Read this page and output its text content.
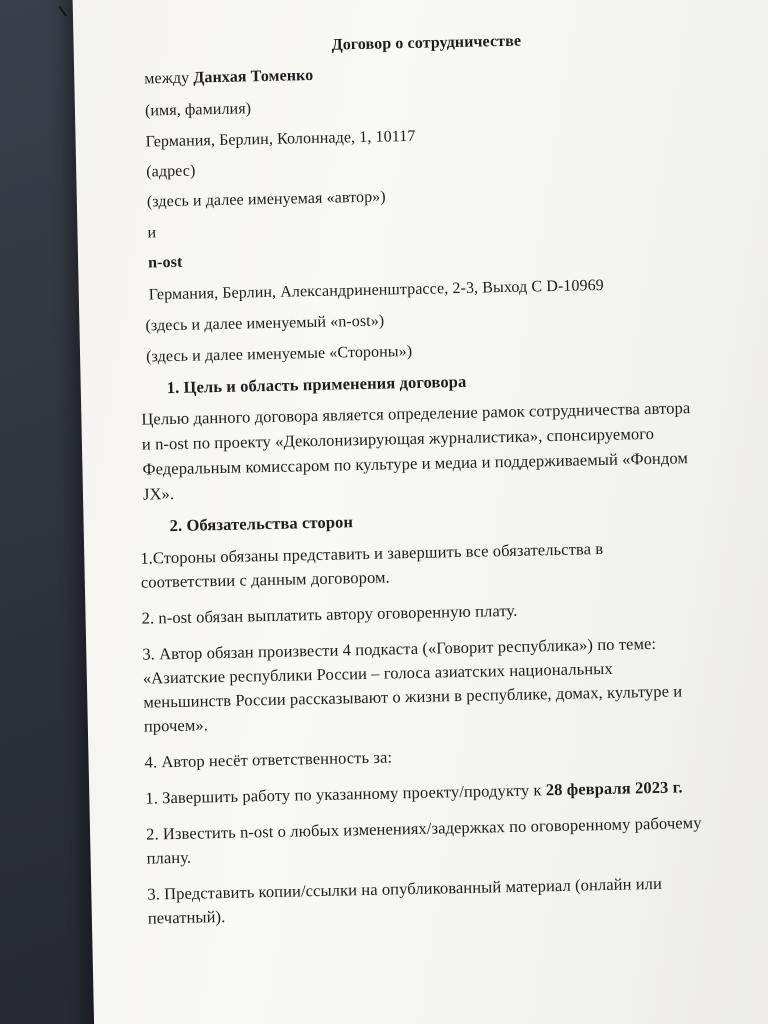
Договор о сотрудничестве
между Данхая Томенко
(имя, фамилия)
Германия, Берлин, Колоннаде, 1, 10117
(адрес)
(здесь и далее именуемая «автор»)
и
n-ost
Германия, Берлин, Александриненштрассе, 2-3, Выход С D-10969
(здесь и далее именуемый «n-ost»)
(здесь и далее именуемые «Стороны»)
1. Цель и область применения договора
Целью данного договора является определение рамок сотрудничества автора
и n-ost по проекту «Деколонизирующая журналистика», спонсируемого
Федеральным комиссаром по культуре и медиа и поддерживаемый «Фондом
JX».
2. Обязательства сторон
1.Стороны обязаны представить и завершить все обязательства в
соответствии с данным договором.
2. n-ost обязан выплатить автору оговоренную плату.
3. Автор обязан произвести 4 подкаста («Говорит республика») по теме:
«Азиатские республики России – голоса азиатских национальных
меньшинств России рассказывают о жизни в республике, домах, культуре и
прочем».
4. Автор несёт ответственность за:
1. Завершить работу по указанному проекту/продукту к 28 февраля 2023 г.
2. Известить n-ost о любых изменениях/задержках по оговоренному рабочему
плану.
3. Представить копии/ссылки на опубликованный материал (онлайн или
печатный).
